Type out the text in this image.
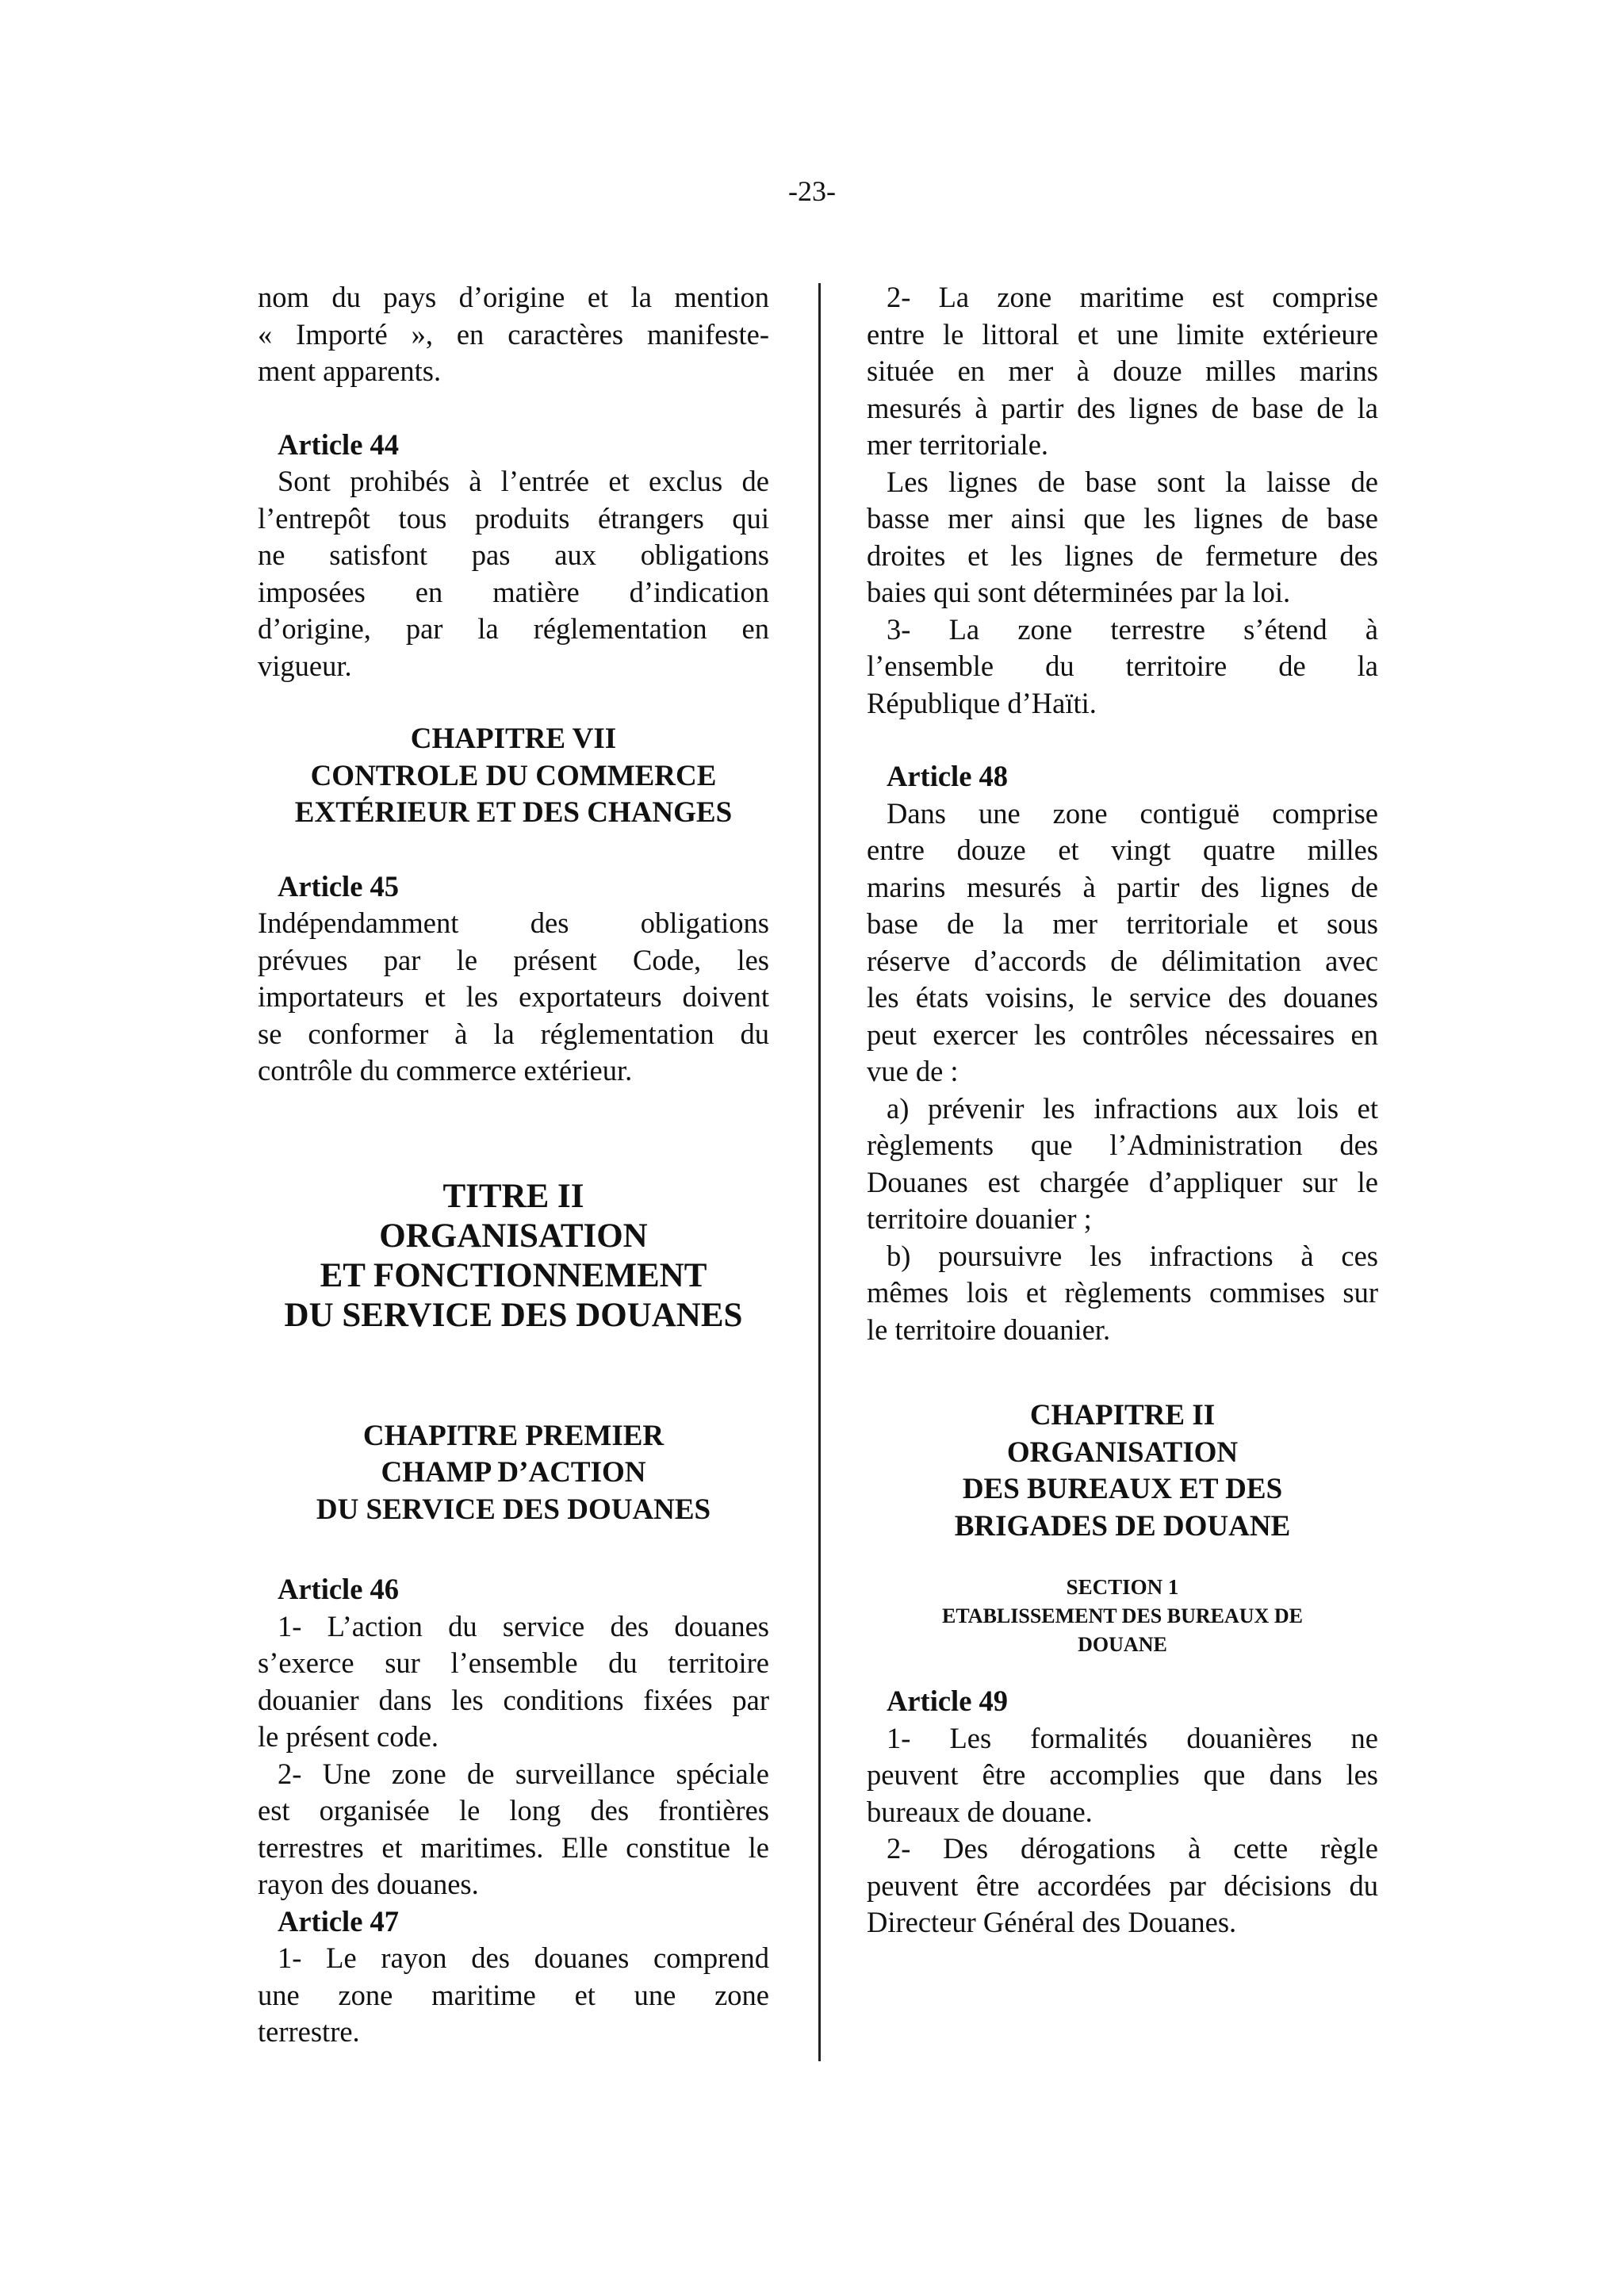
-23-
nom du pays d’origine et la mention
« Importé », en caractères manifeste-
ment apparents.
Article 44
Sont prohibés à l’entrée et exclus de
l’entrepôt tous produits étrangers qui
ne satisfont pas aux obligations
imposées en matière d’indication
d’origine, par la réglementation en
vigueur.
CHAPITRE VII
CONTROLE DU COMMERCE
EXTÉRIEUR ET DES CHANGES
Article 45
Indépendamment des obligations
prévues par le présent Code, les
importateurs et les exportateurs doivent
se conformer à la réglementation du
contrôle du commerce extérieur.
TITRE II
ORGANISATION
ET FONCTIONNEMENT
DU SERVICE DES DOUANES
CHAPITRE PREMIER
CHAMP D’ACTION
DU SERVICE DES DOUANES
Article 46
1- L’action du service des douanes
s’exerce sur l’ensemble du territoire
douanier dans les conditions fixées par
le présent code.
2- Une zone de surveillance spéciale
est organisée le long des frontières
terrestres et maritimes. Elle constitue le
rayon des douanes.
Article 47
1- Le rayon des douanes comprend
une zone maritime et une zone
terrestre.
2- La zone maritime est comprise
entre le littoral et une limite extérieure
située en mer à douze milles marins
mesurés à partir des lignes de base de la
mer territoriale.
Les lignes de base sont la laisse de
basse mer ainsi que les lignes de base
droites et les lignes de fermeture des
baies qui sont déterminées par la loi.
3- La zone terrestre s’étend à
l’ensemble du territoire de la
République d’Haïti.
Article 48
Dans une zone contiguë comprise
entre douze et vingt quatre milles
marins mesurés à partir des lignes de
base de la mer territoriale et sous
réserve d’accords de délimitation avec
les états voisins, le service des douanes
peut exercer les contrôles nécessaires en
vue de :
a) prévenir les infractions aux lois et
règlements que l’Administration des
Douanes est chargée d’appliquer sur le
territoire douanier ;
b) poursuivre les infractions à ces
mêmes lois et règlements commises sur
le territoire douanier.
CHAPITRE II
ORGANISATION
DES BUREAUX ET DES
BRIGADES DE DOUANE
SECTION 1
ETABLISSEMENT DES BUREAUX DE
DOUANE
Article 49
1- Les formalités douanières ne
peuvent être accomplies que dans les
bureaux de douane.
2- Des dérogations à cette règle
peuvent être accordées par décisions du
Directeur Général des Douanes.
